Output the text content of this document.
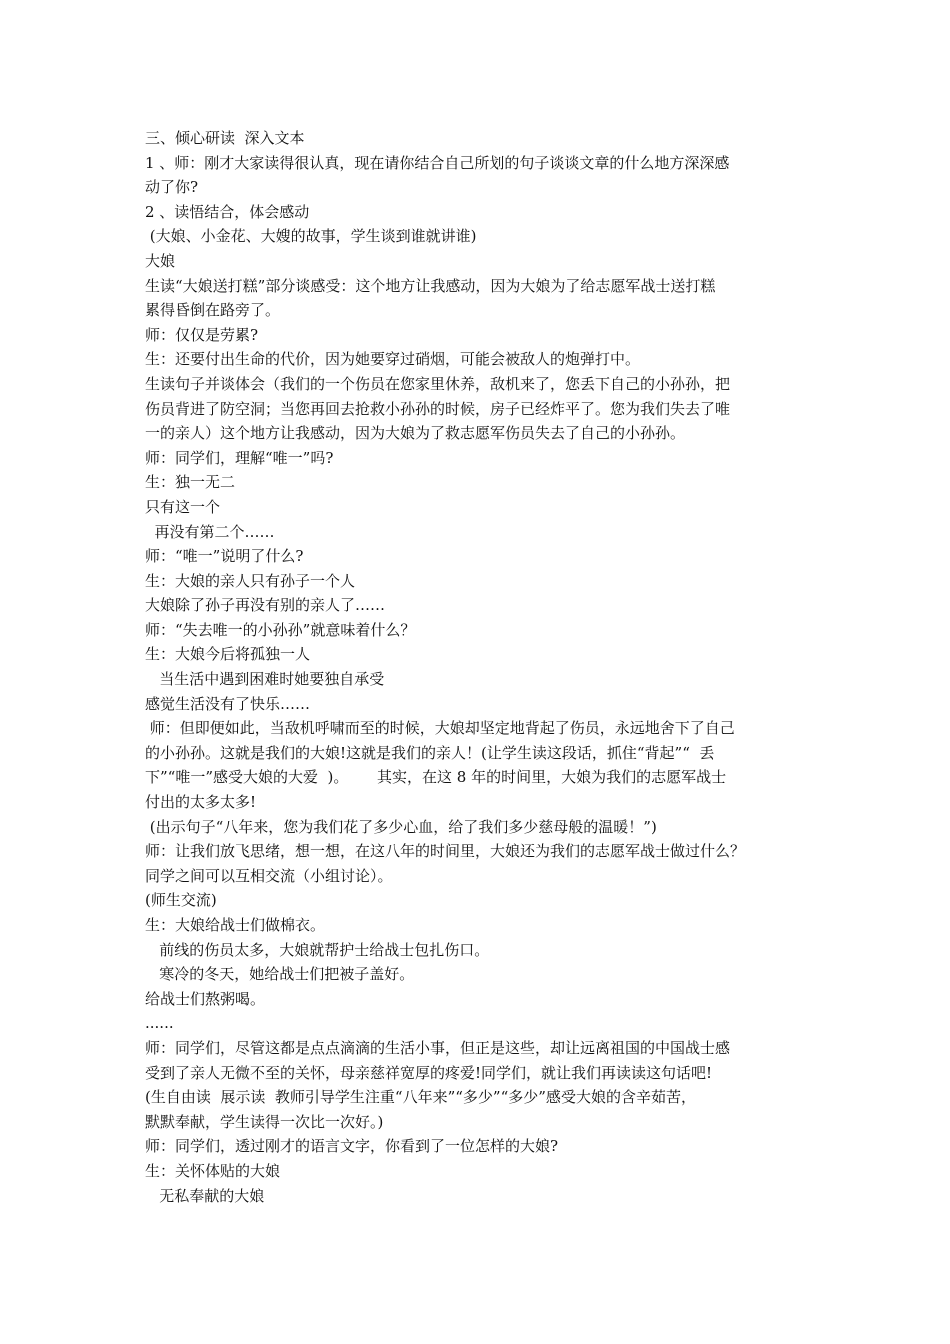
三、倾心研读  深入文本
1 、师：刚才大家读得很认真，现在请你结合自己所划的句子谈谈文章的什么地方深深感
动了你?
2 、读悟结合，体会感动
(大娘、小金花、大嫂的故事，学生谈到谁就讲谁)
大娘
生读“大娘送打糕”部分谈感受：这个地方让我感动，因为大娘为了给志愿军战士送打糕
累得昏倒在路旁了。
师：仅仅是劳累?
生：还要付出生命的代价，因为她要穿过硝烟，可能会被敌人的炮弹打中。
生读句子并谈体会（我们的一个伤员在您家里休养，敌机来了，您丢下自己的小孙孙，把
伤员背进了防空洞；当您再回去抢救小孙孙的时候，房子已经炸平了。您为我们失去了唯
一的亲人）这个地方让我感动，因为大娘为了救志愿军伤员失去了自己的小孙孙。
师：同学们，理解“唯一”吗?
生：独一无二
只有这一个
再没有第二个……
师：“唯一”说明了什么?
生：大娘的亲人只有孙子一个人
大娘除了孙子再没有别的亲人了……
师：“失去唯一的小孙孙”就意味着什么？
生：大娘今后将孤独一人
当生活中遇到困难时她要独自承受
感觉生活没有了快乐……
师：但即便如此，当敌机呼啸而至的时候，大娘却坚定地背起了伤员，永远地舍下了自己
的小孙孙。这就是我们的大娘!这就是我们的亲人！(让学生读这段话，抓住“背起”“  丢
下”“唯一”感受大娘的大爱  )。      其实，在这 8 年的时间里，大娘为我们的志愿军战士
付出的太多太多!
(出示句子“八年来，您为我们花了多少心血，给了我们多少慈母般的温暖！”)
师：让我们放飞思绪，想一想，在这八年的时间里，大娘还为我们的志愿军战士做过什么？
同学之间可以互相交流（小组讨论）。
(师生交流)
生：大娘给战士们做棉衣。
前线的伤员太多，大娘就帮护士给战士包扎伤口。
寒冷的冬天，她给战士们把被子盖好。
给战士们熬粥喝。
......
师：同学们，尽管这都是点点滴滴的生活小事，但正是这些，却让远离祖国的中国战士感
受到了亲人无微不至的关怀，母亲慈祥宽厚的疼爱!同学们，就让我们再读读这句话吧!
(生自由读  展示读  教师引导学生注重“八年来”“多少”“多少”感受大娘的含辛茹苦，
默默奉献，学生读得一次比一次好。)
师：同学们，透过刚才的语言文字，你看到了一位怎样的大娘?
生：关怀体贴的大娘
无私奉献的大娘
